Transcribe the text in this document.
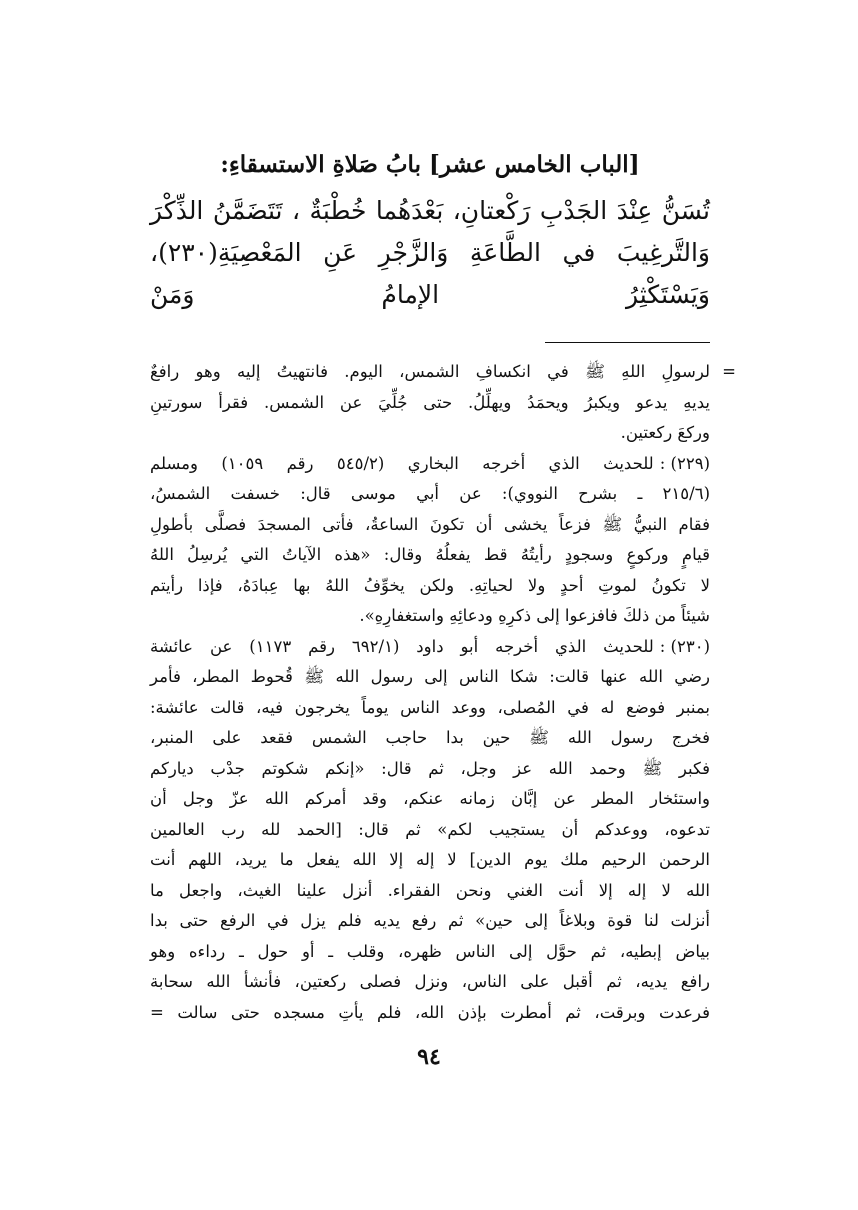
[الباب الخامس عشر] بابُ صَلاةِ الاستسقاءِ:

تُسَنُّ عِنْدَ الجَدْبِ رَكْعتانِ، بَعْدَهُما خُطْبَةٌ ، تَتَضَمَّنُ الذِّكْرَ

وَالتَّرغِيبَ في الطَّاعَةِ وَالزَّجْرِ عَنِ المَعْصِيَةِ(٢٣٠)، وَيَسْتَكْثِرُ الإمامُ وَمَنْ

=
لرسولِ اللهِ ﷺ في انكسافِ الشمس، اليوم. فانتهيتُ إليه وهو رافعٌ
يديهِ يدعو ويكبرُ ويحمَدُ ويهلِّلُ. حتى جُلِّيَ عن الشمس. فقرأ سورتينِ
وركعَ ركعتين.
(٢٢٩) :للحديث الذي أخرجه البخاري (٥٤٥/٢ رقم ١٠٥٩) ومسلم
(٢١٥/٦ ـ بشرح النووي): عن أبي موسى قال: خسفت الشمسُ،
فقام النبيُّ ﷺ فزعاً يخشى أن تكونَ الساعةُ، فأتى المسجدَ فصلَّى بأطولِ
قيامٍ وركوعٍ وسجودٍ رأيتُهُ قط يفعلُهُ وقال: «هذه الآياتُ التي يُرسِلُ اللهُ
لا تكونُ لموتِ أحدٍ ولا لحياتِهِ. ولكن يخوِّفُ اللهُ بها عِبادَهُ، فإذا رأيتم
شيئاً من ذلكَ فافزعوا إلى ذكرِهِ ودعائِهِ واستغفارِهِ».
(٢٣٠) :للحديث الذي أخرجه أبو داود (٦٩٢/١ رقم ١١٧٣) عن عائشة
رضي الله عنها قالت: شكا الناس إلى رسول الله ﷺ قُحوط المطر، فأمر
بمنبر فوضع له في المُصلى، ووعد الناس يوماً يخرجون فيه، قالت عائشة:
فخرج رسول الله ﷺ حين بدا حاجب الشمس فقعد على المنبر،
فكبر ﷺ وحمد الله عز وجل، ثم قال: «إنكم شكوتم جدْب دياركم
واستئخار المطر عن إبَّان زمانه عنكم، وقد أمركم الله عزّ وجل أن
تدعوه، ووعدكم أن يستجيب لكم» ثم قال: [الحمد لله رب العالمين
الرحمن الرحيم ملك يوم الدين] لا إله إلا الله يفعل ما يريد، اللهم أنت
الله لا إله إلا أنت الغني ونحن الفقراء. أنزل علينا الغيث، واجعل ما
أنزلت لنا قوة وبلاغاً إلى حين» ثم رفع يديه فلم يزل في الرفع حتى بدا
بياض إبطيه، ثم حوَّل إلى الناس ظهره، وقلب ـ أو حول ـ رداءه وهو
رافع يديه، ثم أقبل على الناس، ونزل فصلى ركعتين، فأنشأ الله سحابة
فرعدت وبرقت، ثم أمطرت بإذن الله، فلم يأتِ مسجده حتى سالت =
٩٤
